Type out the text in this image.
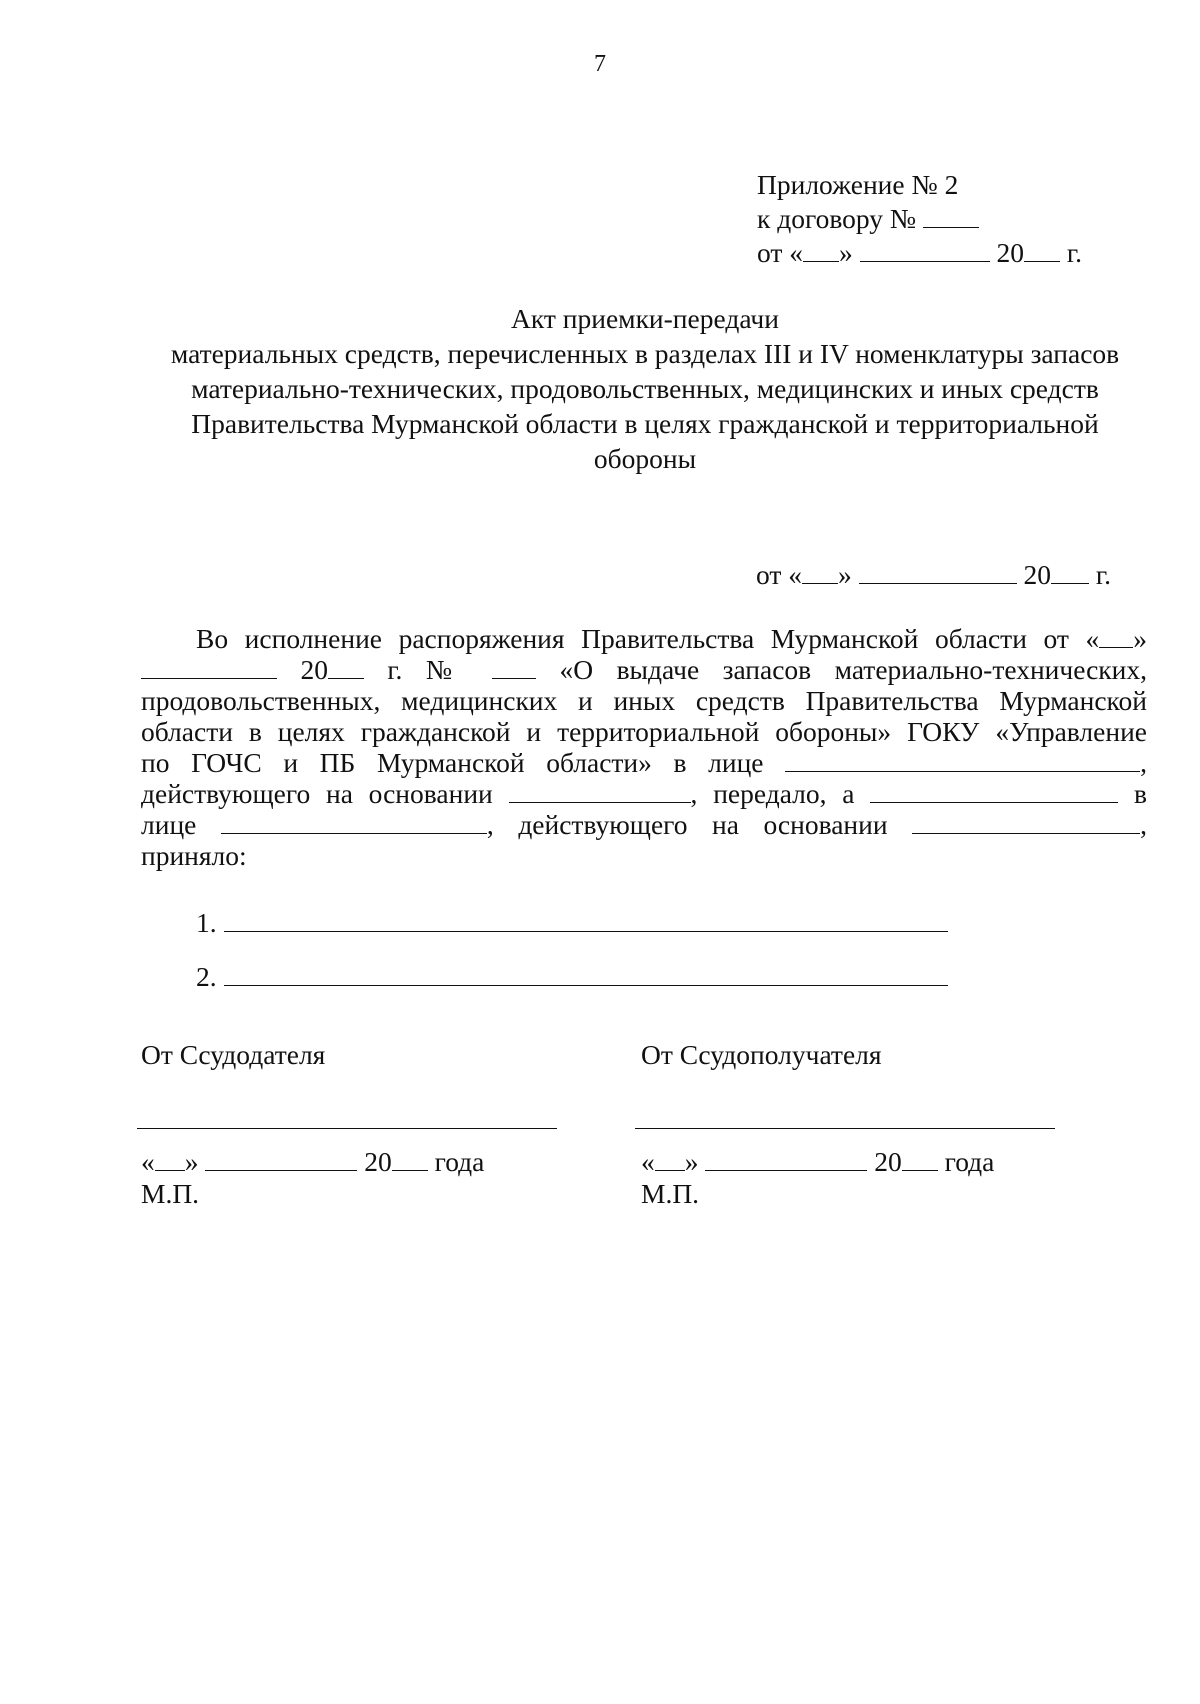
7
Приложение № 2
к договору №
от « »	20 г.
Акт приемки-передачи
материальных средств, перечисленных в разделах III и IV номенклатуры запасов
материально-технических, продовольственных, медицинских и иных средств
Правительства Мурманской области в целях гражданской и территориальной
обороны
от « »	20 г.
Во исполнение распоряжения Правительства Мурманской области от « »
20 г. №	«О выдаче запасов материально-технических,
продовольственных, медицинских и иных средств Правительства Мурманской
области в целях гражданской и территориальной обороны» ГОКУ «Управление
по ГОЧС и ПБ Мурманской области» в лице	,
действующего на основании	, передало, а	в
лице	, действующего на основании	,
приняло:
1.
2.
От Ссудодателя	От Ссудополучателя
« »	20 года	« »	20 года
М.П.	М.П.
